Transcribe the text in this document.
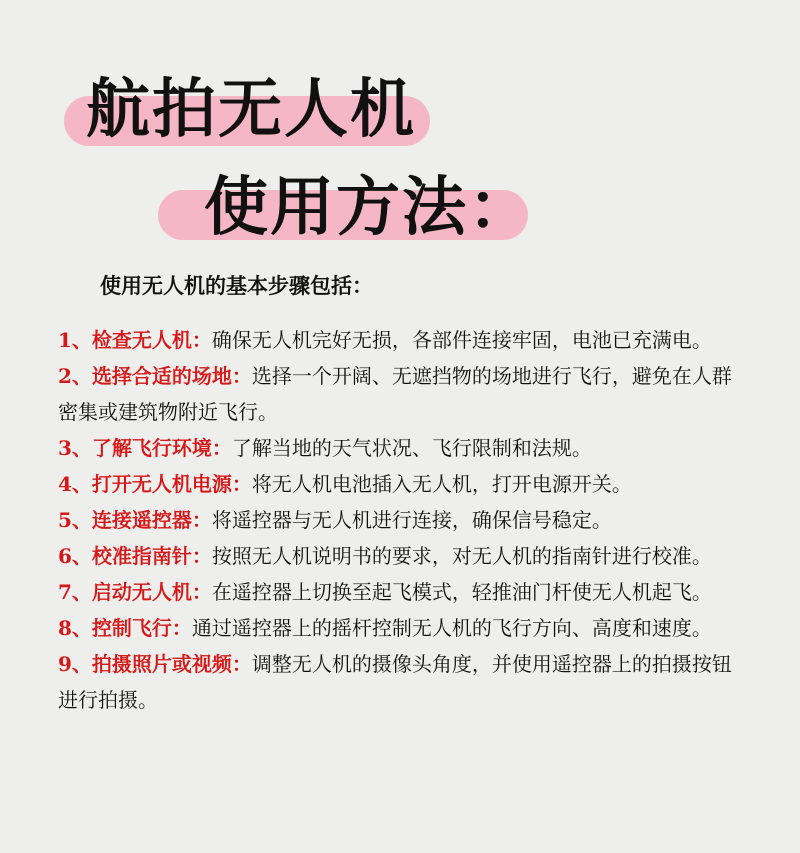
航拍无人机
使用方法：
使用无人机的基本步骤包括：
1、检查无人机：确保无人机完好无损，各部件连接牢固，电池已充满电。
2、选择合适的场地：选择一个开阔、无遮挡物的场地进行飞行，避免在人群密集或建筑物附近飞行。
3、了解飞行环境：了解当地的天气状况、飞行限制和法规。
4、打开无人机电源：将无人机电池插入无人机，打开电源开关。
5、连接遥控器：将遥控器与无人机进行连接，确保信号稳定。
6、校准指南针：按照无人机说明书的要求，对无人机的指南针进行校准。
7、启动无人机：在遥控器上切换至起飞模式，轻推油门杆使无人机起飞。
8、控制飞行：通过遥控器上的摇杆控制无人机的飞行方向、高度和速度。
9、拍摄照片或视频：调整无人机的摄像头角度，并使用遥控器上的拍摄按钮进行拍摄。
